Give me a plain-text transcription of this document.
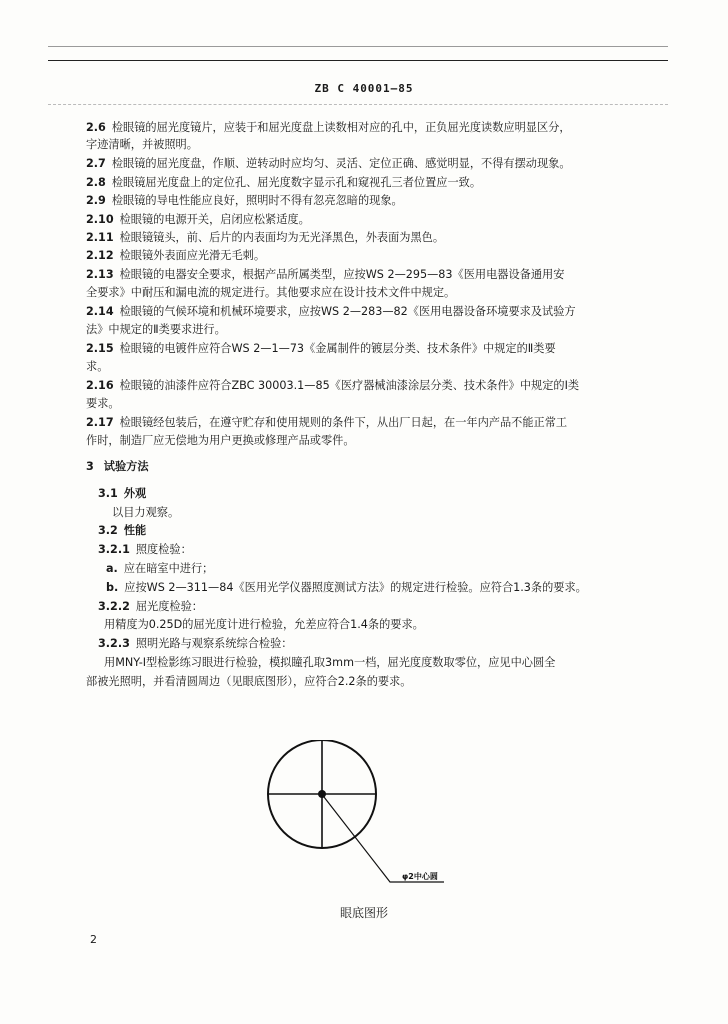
ZB C 40001—85
2.6 检眼镜的屈光度镜片，应装于和屈光度盘上读数相对应的孔中，正负屈光度读数应明显区分，
字迹清晰，并被照明。
2.7 检眼镜的屈光度盘，作顺、逆转动时应均匀、灵活、定位正确、感觉明显，不得有摆动现象。
2.8 检眼镜屈光度盘上的定位孔、屈光度数字显示孔和窥视孔三者位置应一致。
2.9 检眼镜的导电性能应良好，照明时不得有忽亮忽暗的现象。
2.10 检眼镜的电源开关，启闭应松紧适度。
2.11 检眼镜镜头，前、后片的内表面均为无光泽黑色，外表面为黑色。
2.12 检眼镜外表面应光滑无毛刺。
2.13 检眼镜的电器安全要求，根据产品所属类型，应按WS 2—295—83《医用电器设备通用安
全要求》中耐压和漏电流的规定进行。其他要求应在设计技术文件中规定。
2.14 检眼镜的气候环境和机械环境要求，应按WS 2—283—82《医用电器设备环境要求及试验方
法》中规定的Ⅱ类要求进行。
2.15 检眼镜的电镀件应符合WS 2—1—73《金属制件的镀层分类、技术条件》中规定的Ⅱ类要
求。
2.16 检眼镜的油漆件应符合ZBC 30003.1—85《医疗器械油漆涂层分类、技术条件》中规定的Ⅰ类
要求。
2.17 检眼镜经包装后，在遵守贮存和使用规则的条件下，从出厂日起，在一年内产品不能正常工
作时，制造厂应无偿地为用户更换或修理产品或零件。
3 试验方法
3.1 外观
以目力观察。
3.2 性能
3.2.1 照度检验：
a. 应在暗室中进行；
b. 应按WS 2—311—84《医用光学仪器照度测试方法》的规定进行检验。应符合1.3条的要求。
3.2.2 屈光度检验：
用精度为0.25D的屈光度计进行检验，允差应符合1.4条的要求。
3.2.3 照明光路与观察系统综合检验：
用MNY-Ⅰ型检影练习眼进行检验，模拟瞳孔取3mm一档，屈光度度数取零位，应见中心圆全
部被光照明，并看清圆周边（见眼底图形），应符合2.2条的要求。
φ2中心圆
眼底图形
2
